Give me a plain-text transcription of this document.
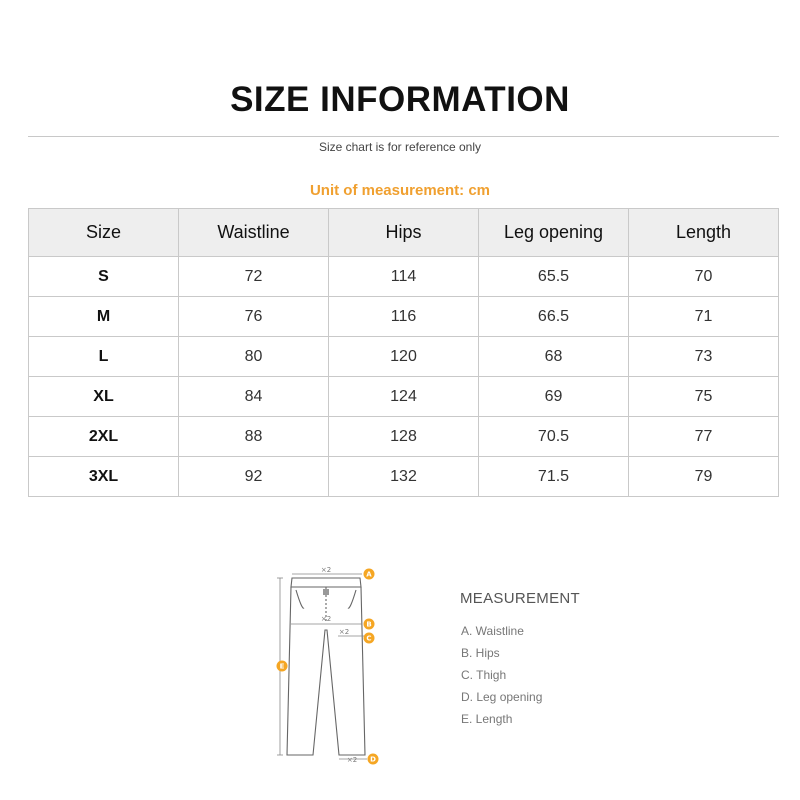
SIZE INFORMATION
Size chart is for reference only
Unit of measurement: cm
Size	Waistline	Hips	Leg opening	Length
S	72	114	65.5	70
M	76	116	66.5	71
L	80	120	68	73
XL	84	124	69	75
2XL	88	128	70.5	77
3XL	92	132	71.5	79
×2
×2
×2
×2
A
B
C
D
E
MEASUREMENT
A. Waistline
B. Hips
C. Thigh
D. Leg opening
E. Length
